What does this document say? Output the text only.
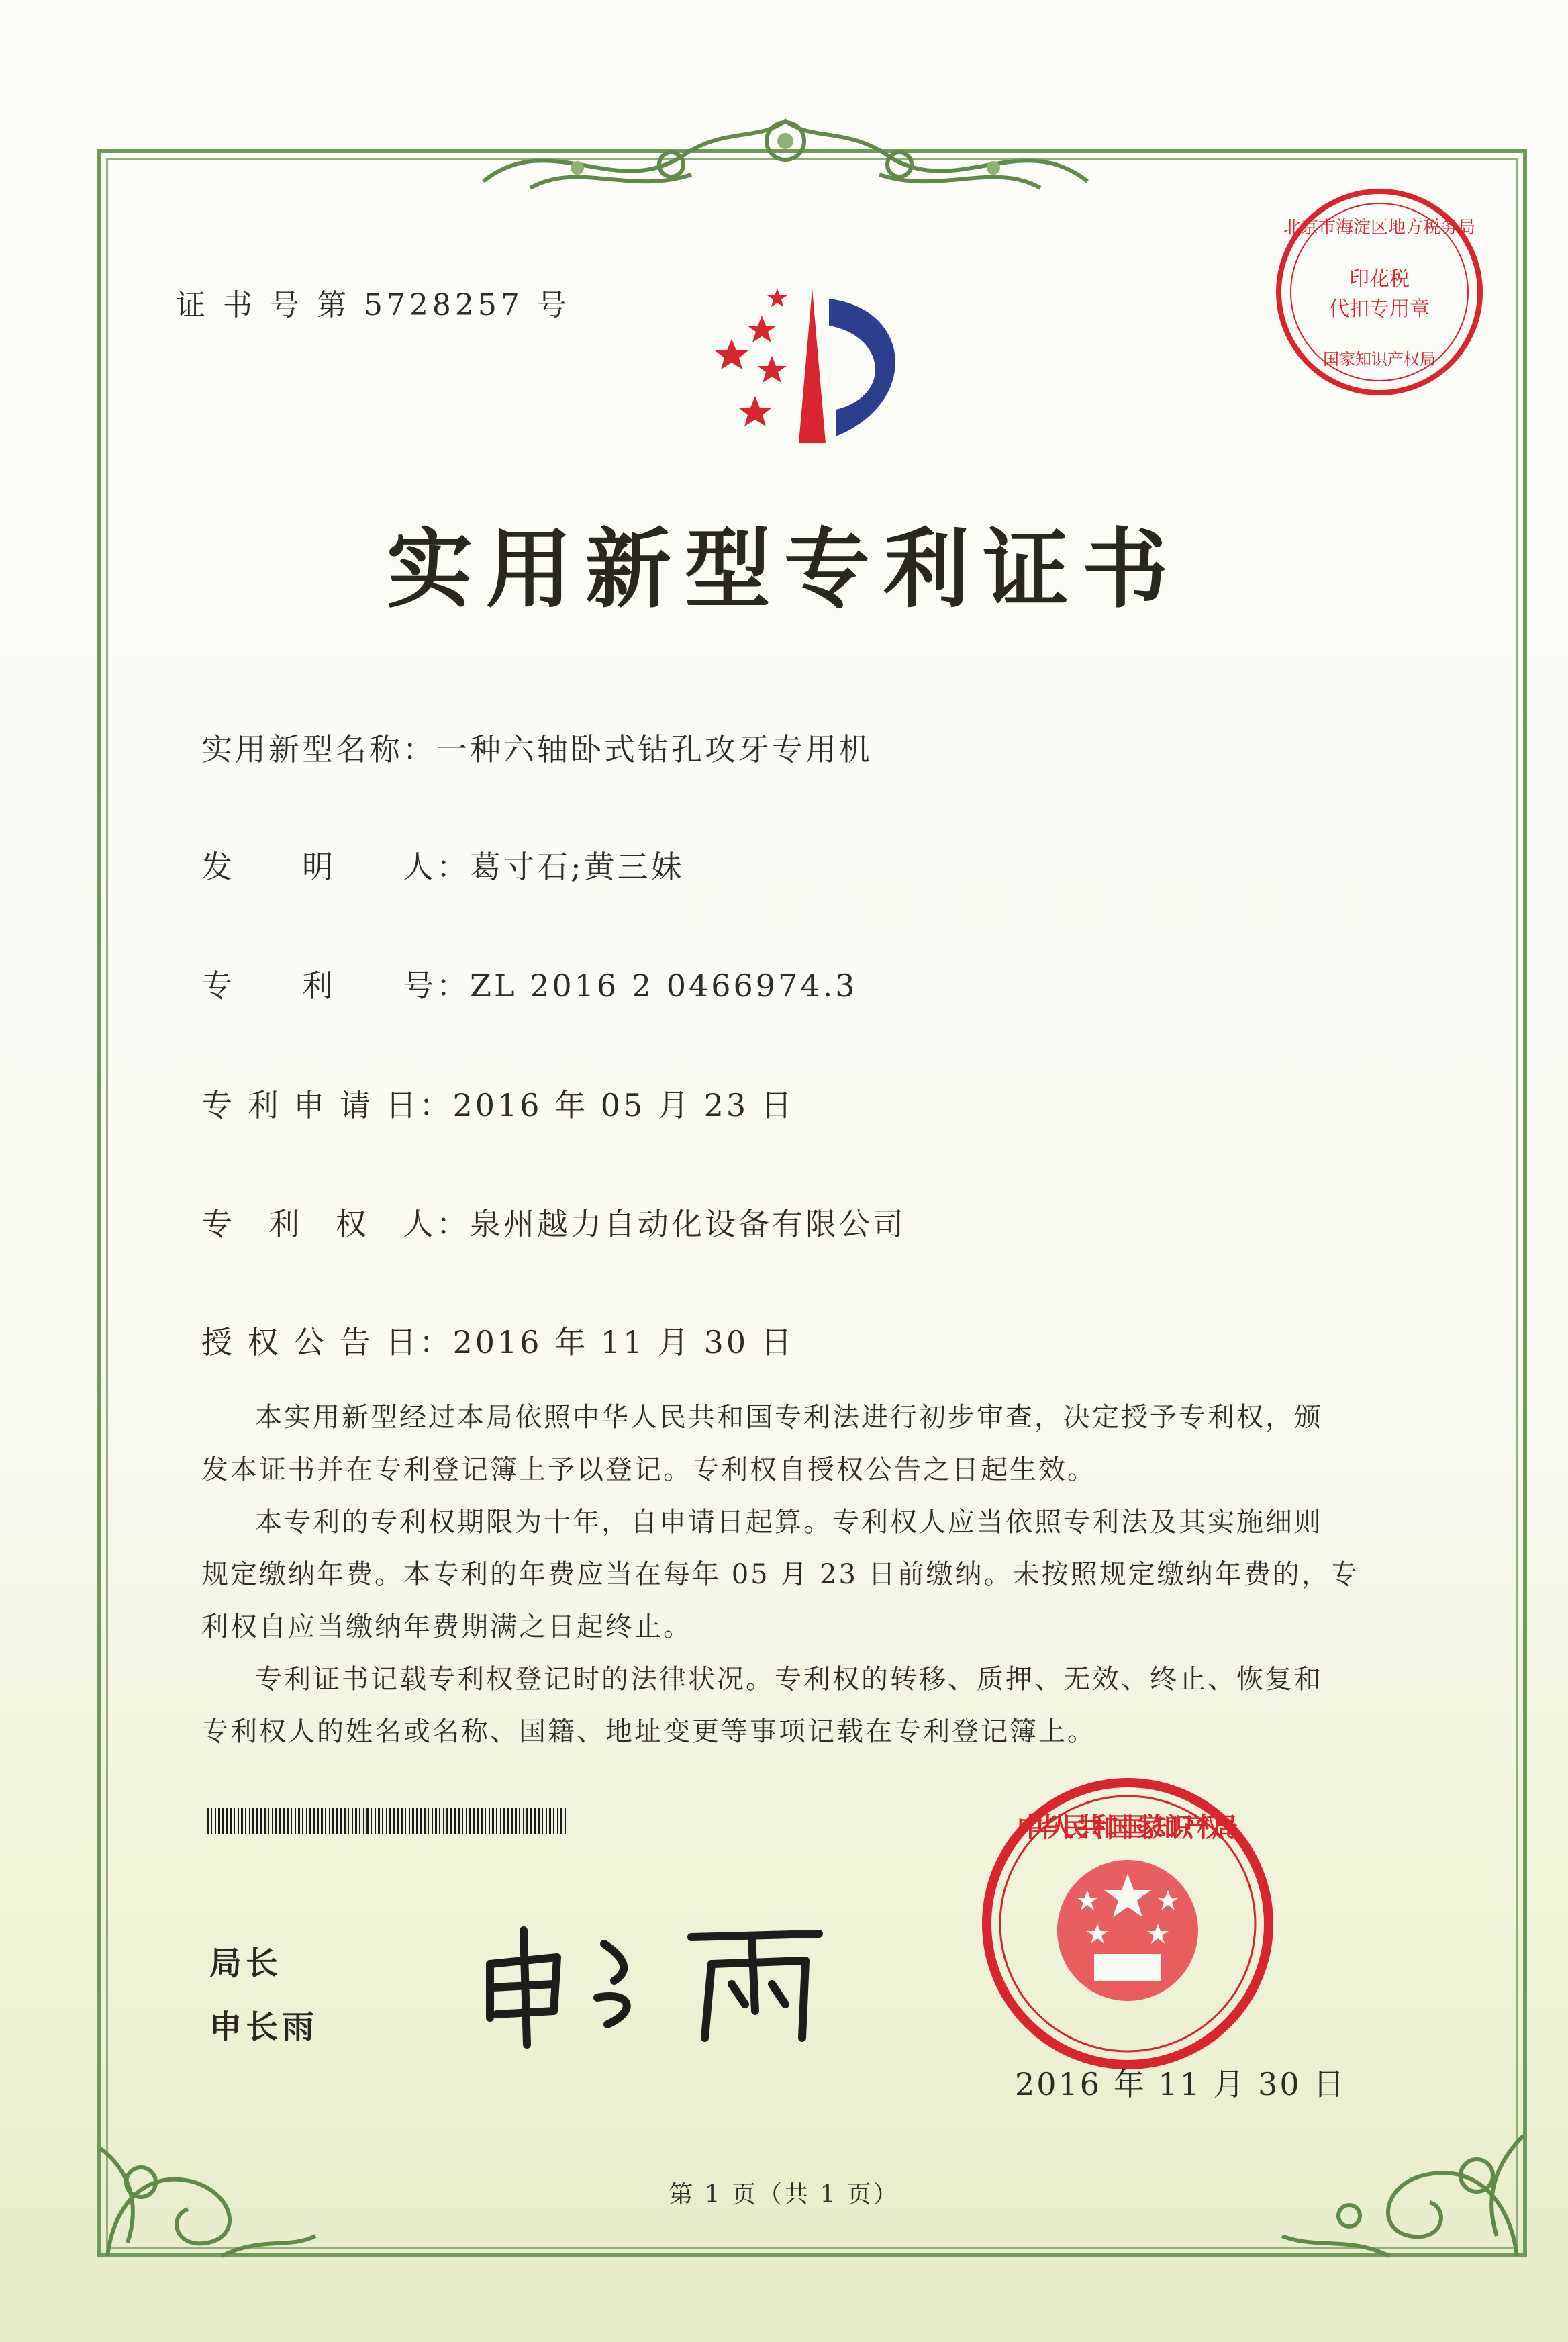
证 书 号 第 5728257 号
北京市海淀区地方税务局
印花税
代扣专用章
国家知识产权局
实用新型专利证书
实用新型名称：一种六轴卧式钻孔攻牙专用机
发　　明　　人：葛寸石;黄三妹
专　　利　　号：ZL 2016 2 0466974.3
专 利 申 请 日：2016 年 05 月 23 日
专　利　权　人：泉州越力自动化设备有限公司
授 权 公 告 日：2016 年 11 月 30 日

本实用新型经过本局依照中华人民共和国专利法进行初步审查，决定授予专利权，颁

发本证书并在专利登记簿上予以登记。专利权自授权公告之日起生效。

本专利的专利权期限为十年，自申请日起算。专利权人应当依照专利法及其实施细则

规定缴纳年费。本专利的年费应当在每年 05 月 23 日前缴纳。未按照规定缴纳年费的，专

利权自应当缴纳年费期满之日起终止。

专利证书记载专利权登记时的法律状况。专利权的转移、质押、无效、终止、恢复和

专利权人的姓名或名称、国籍、地址变更等事项记载在专利登记簿上。

局长
申长雨
中华人民共和国国家知识产权局
2016 年 11 月 30 日
第 1 页（共 1 页）
